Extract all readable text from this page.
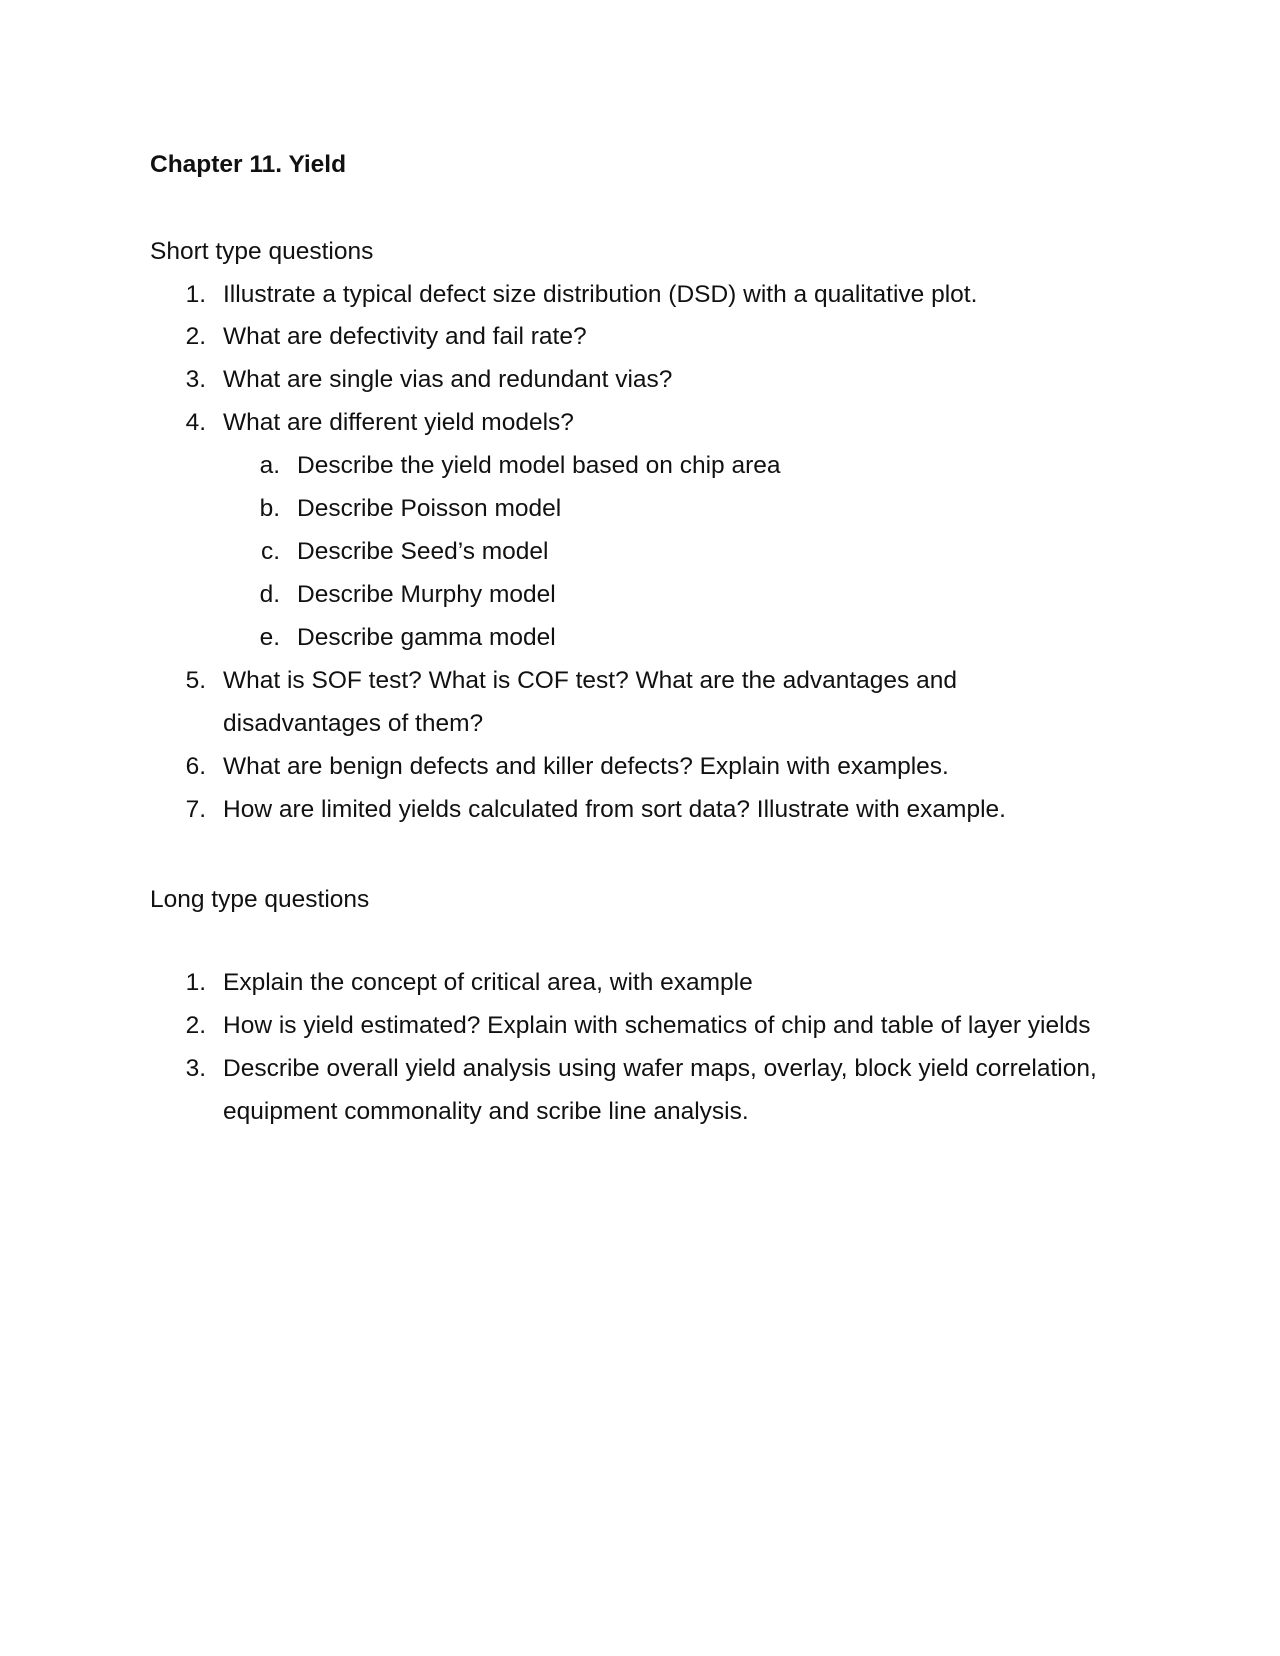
Chapter 11. Yield
Short type questions
1. Illustrate a typical defect size distribution (DSD) with a qualitative plot.
2. What are defectivity and fail rate?
3. What are single vias and redundant vias?
4. What are different yield models?
a. Describe the yield model based on chip area
b. Describe Poisson model
c. Describe Seed’s model
d. Describe Murphy model
e. Describe gamma model
5. What is SOF test? What is COF test? What are the advantages and
disadvantages of them?
6. What are benign defects and killer defects? Explain with examples.
7. How are limited yields calculated from sort data? Illustrate with example.
Long type questions
1. Explain the concept of critical area, with example
2. How is yield estimated? Explain with schematics of chip and table of layer yields
3. Describe overall yield analysis using wafer maps, overlay, block yield correlation,
equipment commonality and scribe line analysis.
